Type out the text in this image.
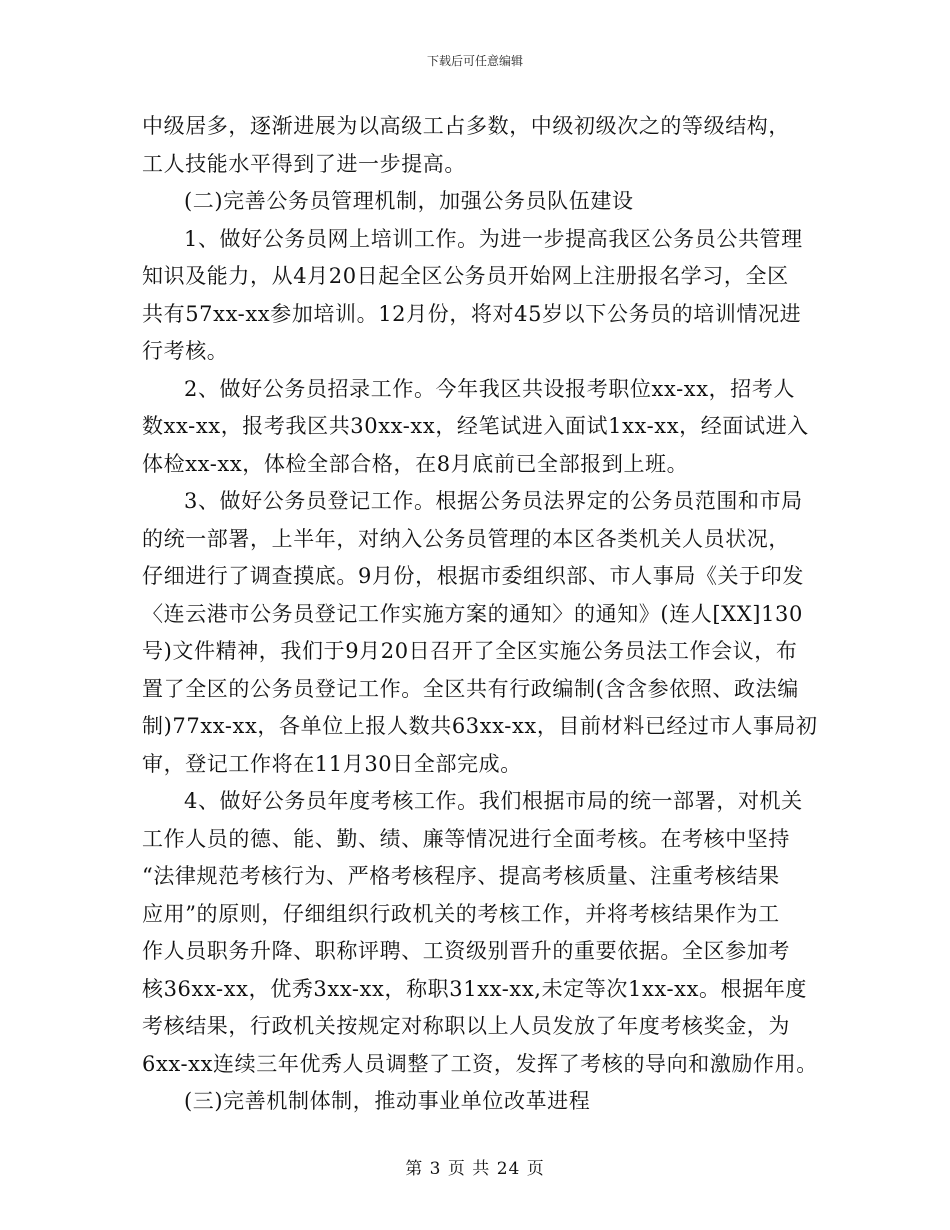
下载后可任意编辑
中级居多，逐渐进展为以高级工占多数，中级初级次之的等级结构，
工人技能水平得到了进一步提高。
(二)完善公务员管理机制，加强公务员队伍建设
1、做好公务员网上培训工作。为进一步提高我区公务员公共管理
知识及能力，从4月20日起全区公务员开始网上注册报名学习，全区
共有57xx-xx参加培训。12月份，将对45岁以下公务员的培训情况进
行考核。
2、做好公务员招录工作。今年我区共设报考职位xx-xx，招考人
数xx-xx，报考我区共30xx-xx，经笔试进入面试1xx-xx，经面试进入
体检xx-xx，体检全部合格，在8月底前已全部报到上班。
3、做好公务员登记工作。根据公务员法界定的公务员范围和市局
的统一部署，上半年，对纳入公务员管理的本区各类机关人员状况，
仔细进行了调查摸底。9月份，根据市委组织部、市人事局《关于印发
〈连云港市公务员登记工作实施方案的通知〉的通知》(连人[XX]130
号)文件精神，我们于9月20日召开了全区实施公务员法工作会议，布
置了全区的公务员登记工作。全区共有行政编制(含含参依照、政法编
制)77xx-xx，各单位上报人数共63xx-xx，目前材料已经过市人事局初
审，登记工作将在11月30日全部完成。
4、做好公务员年度考核工作。我们根据市局的统一部署，对机关
工作人员的德、能、勤、绩、廉等情况进行全面考核。在考核中坚持
“法律规范考核行为、严格考核程序、提高考核质量、注重考核结果
应用”的原则，仔细组织行政机关的考核工作，并将考核结果作为工
作人员职务升降、职称评聘、工资级别晋升的重要依据。全区参加考
核36xx-xx，优秀3xx-xx，称职31xx-xx,未定等次1xx-xx。根据年度
考核结果，行政机关按规定对称职以上人员发放了年度考核奖金，为
6xx-xx连续三年优秀人员调整了工资，发挥了考核的导向和激励作用。
(三)完善机制体制，推动事业单位改革进程
第 3 页 共 24 页
